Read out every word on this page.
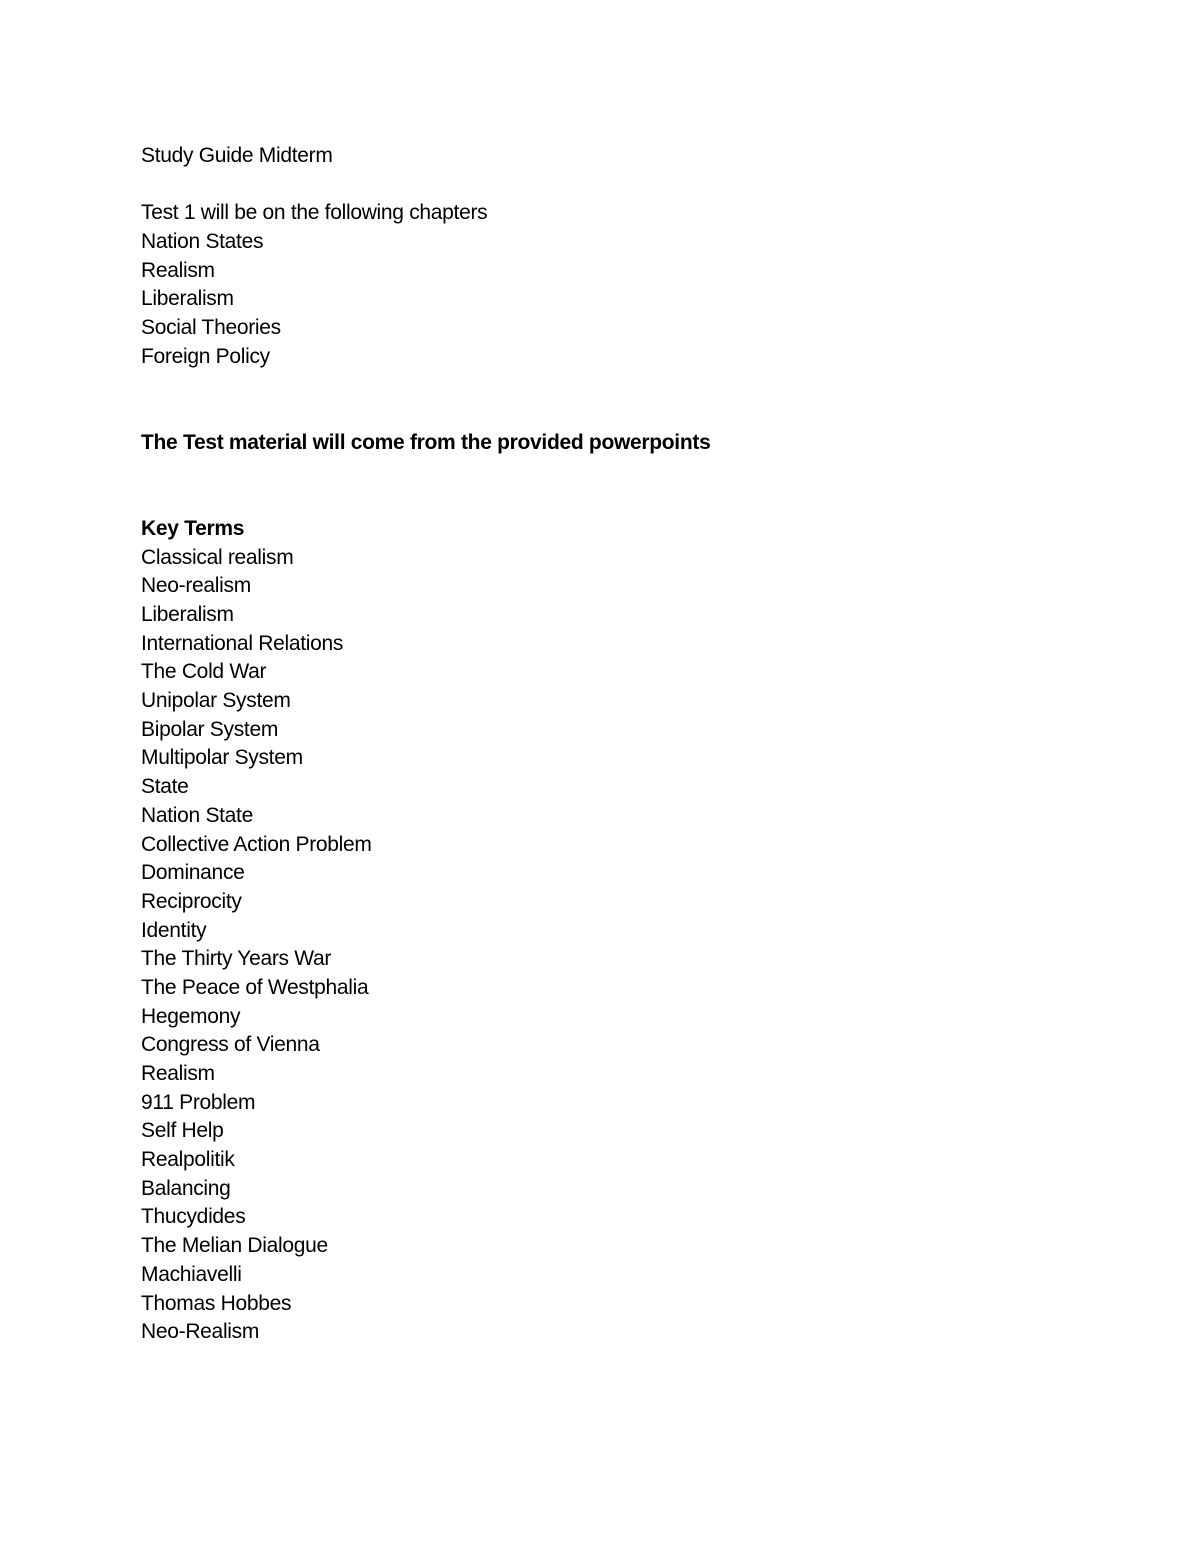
Study Guide Midterm
Test 1 will be on the following chapters
Nation States
Realism
Liberalism
Social Theories
Foreign Policy
The Test material will come from the provided powerpoints
Key Terms
Classical realism
Neo-realism
Liberalism
International Relations
The Cold War
Unipolar System
Bipolar System
Multipolar System
State
Nation State
Collective Action Problem
Dominance
Reciprocity
Identity
The Thirty Years War
The Peace of Westphalia
Hegemony
Congress of Vienna
Realism
911 Problem
Self Help
Realpolitik
Balancing
Thucydides
The Melian Dialogue
Machiavelli
Thomas Hobbes
Neo-Realism
